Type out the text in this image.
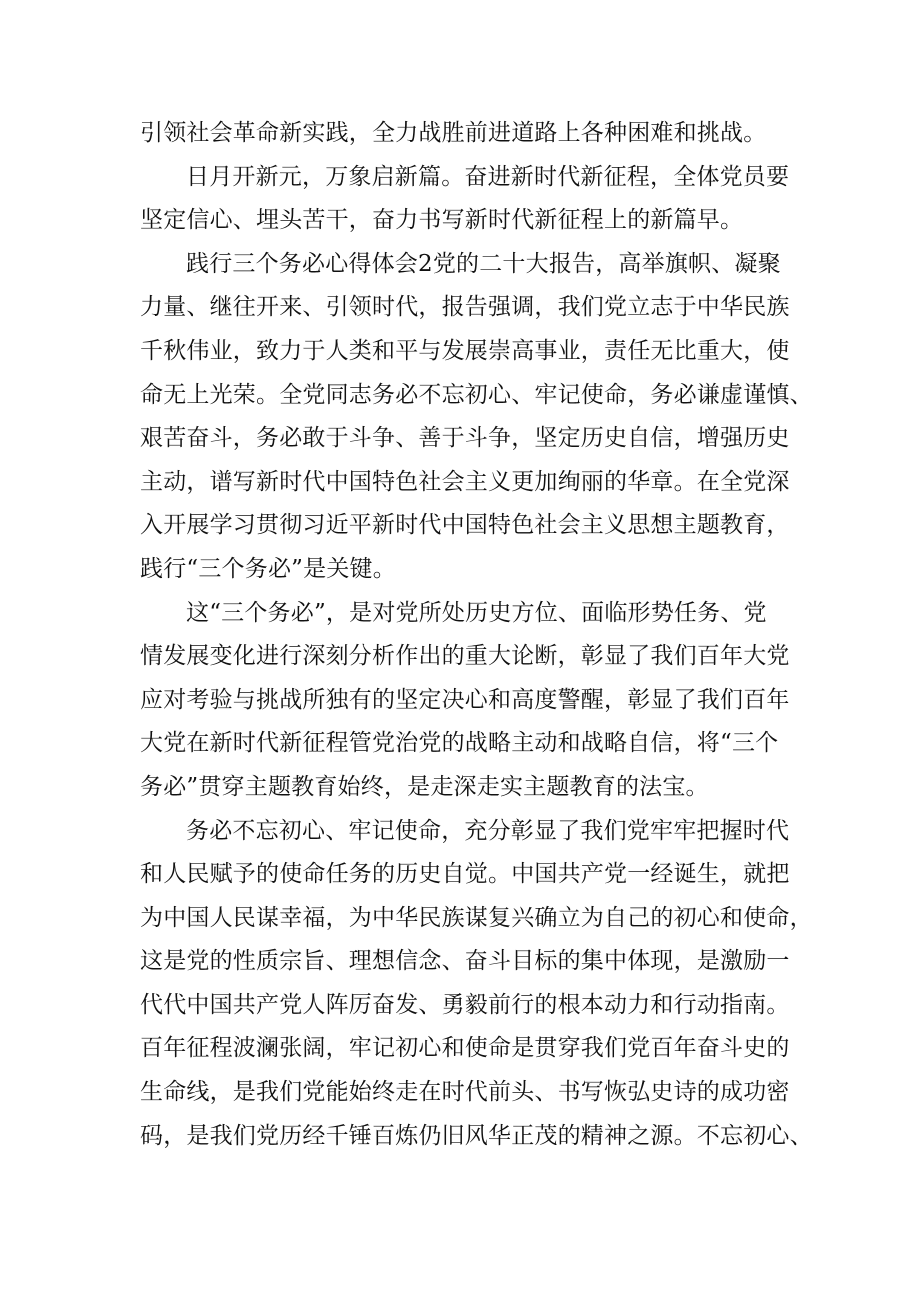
引领社会革命新实践，全力战胜前进道路上各种困难和挑战。

日月开新元，万象启新篇。奋进新时代新征程，全体党员要

坚定信心、埋头苦干，奋力书写新时代新征程上的新篇早。

践行三个务必心得体会2党的二十大报告，高举旗帜、凝聚

力量、继往开来、引领时代，报告强调，我们党立志于中华民族

千秋伟业，致力于人类和平与发展崇高事业，责任无比重大，使

命无上光荣。全党同志务必不忘初心、牢记使命，务必谦虚谨慎、

艰苦奋斗，务必敢于斗争、善于斗争，坚定历史自信，增强历史

主动，谱写新时代中国特色社会主义更加绚丽的华章。在全党深

入开展学习贯彻习近平新时代中国特色社会主义思想主题教育，

践行“三个务必”是关键。

这“三个务必”，是对党所处历史方位、面临形势任务、党

情发展变化进行深刻分析作出的重大论断，彰显了我们百年大党

应对考验与挑战所独有的坚定决心和高度警醒，彰显了我们百年

大党在新时代新征程管党治党的战略主动和战略自信，将“三个

务必”贯穿主题教育始终，是走深走实主题教育的法宝。

务必不忘初心、牢记使命，充分彰显了我们党牢牢把握时代

和人民赋予的使命任务的历史自觉。中国共产党一经诞生，就把

为中国人民谋幸福，为中华民族谋复兴确立为自己的初心和使命，

这是党的性质宗旨、理想信念、奋斗目标的集中体现，是激励一

代代中国共产党人阵厉奋发、勇毅前行的根本动力和行动指南。

百年征程波澜张阔，牢记初心和使命是贯穿我们党百年奋斗史的

生命线，是我们党能始终走在时代前头、书写恢弘史诗的成功密

码，是我们党历经千锤百炼仍旧风华正茂的精神之源。不忘初心、
